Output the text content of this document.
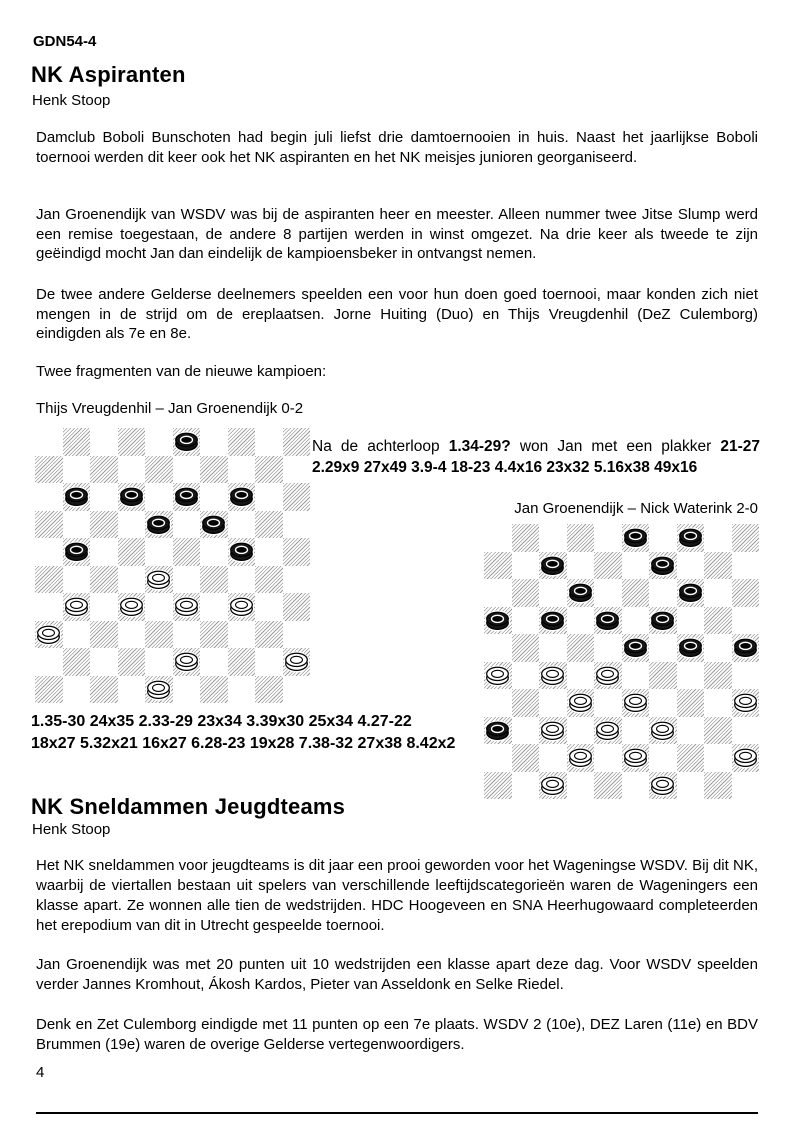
GDN54-4
NK Aspiranten
Henk Stoop
Damclub Boboli Bunschoten had begin juli liefst drie damtoernooien in huis. Naast het jaarlijkse Boboli toernooi werden dit keer ook het NK aspiranten en het NK meisjes junioren georganiseerd.
Jan Groenendijk van WSDV was bij de aspiranten heer en meester. Alleen nummer twee Jitse Slump werd een remise toegestaan, de andere 8 partijen werden in winst omgezet. Na drie keer als tweede te zijn geëindigd mocht Jan dan eindelijk de kampioensbeker in ontvangst nemen.
De twee andere Gelderse deelnemers speelden een voor hun doen goed toernooi, maar konden zich niet mengen in de strijd om de ereplaatsen. Jorne Huiting (Duo) en Thijs Vreugdenhil (DeZ Culemborg) eindigden als 7e en 8e.
Twee fragmenten van de nieuwe kampioen:
Thijs Vreugdenhil – Jan Groenendijk 0-2
Na de achterloop 1.34-29? won Jan met een plakker 21-27
2.29x9 27x49 3.9-4 18-23 4.4x16 23x32 5.16x38 49x16
Jan Groenendijk – Nick Waterink 2-0
1.35-30 24x35 2.33-29 23x34 3.39x30 25x34 4.27-22
18x27 5.32x21 16x27 6.28-23 19x28 7.38-32 27x38 8.42x2
NK Sneldammen Jeugdteams
Henk Stoop
Het NK sneldammen voor jeugdteams is dit jaar een prooi geworden voor het Wageningse WSDV. Bij dit NK, waarbij de viertallen bestaan uit spelers van verschillende leeftijdscategorieën waren de Wageningers een klasse apart. Ze wonnen alle tien de wedstrijden. HDC Hoogeveen en SNA Heerhugowaard completeerden het erepodium van dit in Utrecht gespeelde toernooi.
Jan Groenendijk was met 20 punten uit 10 wedstrijden een klasse apart deze dag. Voor WSDV speelden verder Jannes Kromhout, Ákosh Kardos, Pieter van Asseldonk en Selke Riedel.
Denk en Zet Culemborg eindigde met 11 punten op een 7e plaats. WSDV 2 (10e), DEZ Laren (11e) en BDV Brummen (19e) waren de overige Gelderse vertegenwoordigers.
4
